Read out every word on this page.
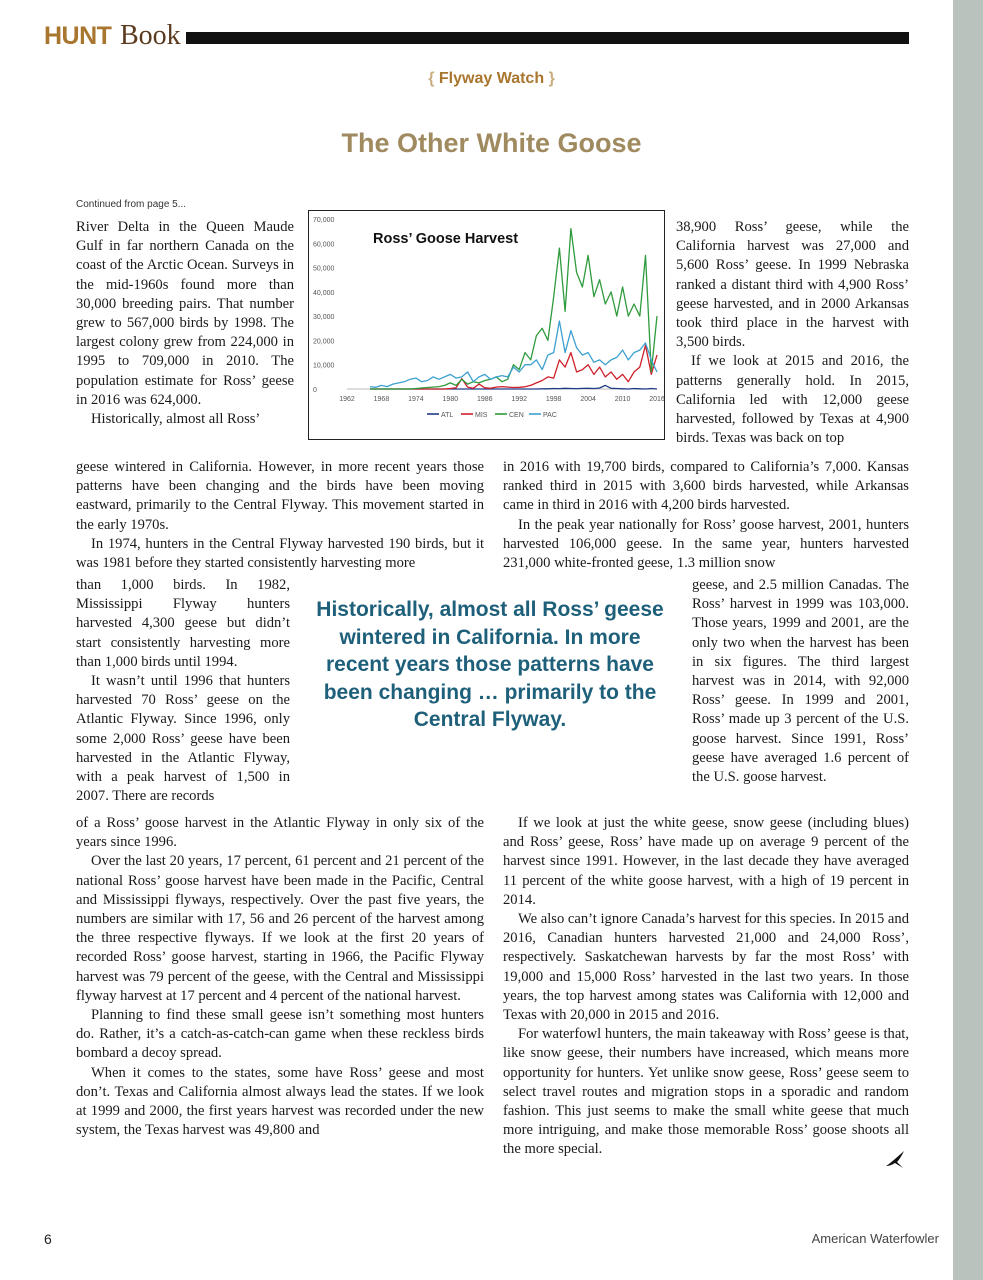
HUNT Book
{ Flyway Watch }
The Other White Goose
Continued from page 5...

River Delta in the Queen Maude Gulf in far northern Canada on the coast of the Arctic Ocean. Surveys in the mid-1960s found more than 30,000 breeding pairs. That number grew to 567,000 birds by 1998. The largest colony grew from 224,000 in 1995 to 709,000 in 2010. The population estimate for Ross’ geese in 2016 was 624,000.

Historically, almost all Ross’

Ross’ Goose Harvest
0
10,000
20,000
30,000
40,000
50,000
60,000
70,000
1962	1968	1974	1980	1986	1992	1998	2004	2010	2016
ATL	MIS	CEN	PAC

38,900 Ross’ geese, while the California harvest was 27,000 and 5,600 Ross’ geese. In 1999 Nebraska ranked a distant third with 4,900 Ross’ geese harvested, and in 2000 Arkansas took third place in the harvest with 3,500 birds.

If we look at 2015 and 2016, the patterns generally hold. In 2015, California led with 12,000 geese harvested, followed by Texas at 4,900 birds. Texas was back on top

geese wintered in California. However, in more recent years those patterns have been changing and the birds have been moving eastward, primarily to the Central Flyway. This movement started in the early 1970s.

In 1974, hunters in the Central Flyway harvested 190 birds, but it was 1981 before they started consistently harvesting more

in 2016 with 19,700 birds, compared to California’s 7,000. Kansas ranked third in 2015 with 3,600 birds harvested, while Arkansas came in third in 2016 with 4,200 birds harvested.

In the peak year nationally for Ross’ goose harvest, 2001, hunters harvested 106,000 geese. In the same year, hunters harvested 231,000 white-fronted geese, 1.3 million snow

than 1,000 birds. In 1982, Mississippi Flyway hunters harvested 4,300 geese but didn’t start consistently harvesting more than 1,000 birds until 1994.

It wasn’t until 1996 that hunters harvested 70 Ross’ geese on the Atlantic Flyway. Since 1996, only some 2,000 Ross’ geese have been harvested in the Atlantic Flyway, with a peak harvest of 1,500 in 2007. There are records

Historically, almost all Ross’ geese wintered in California. In more recent years those patterns have been changing … primarily to the Central Flyway.

geese, and 2.5 million Canadas. The Ross’ harvest in 1999 was 103,000. Those years, 1999 and 2001, are the only two when the harvest has been in six figures. The third largest harvest was in 2014, with 92,000 Ross’ geese. In 1999 and 2001, Ross’ made up 3 percent of the U.S. goose harvest. Since 1991, Ross’ geese have averaged 1.6 percent of the U.S. goose harvest.

of a Ross’ goose harvest in the Atlantic Flyway in only six of the years since 1996.

Over the last 20 years, 17 percent, 61 percent and 21 percent of the national Ross’ goose harvest have been made in the Pacific, Central and Mississippi flyways, respectively. Over the past five years, the numbers are similar with 17, 56 and 26 percent of the harvest among the three respective flyways. If we look at the first 20 years of recorded Ross’ goose harvest, starting in 1966, the Pacific Flyway harvest was 79 percent of the geese, with the Central and Mississippi flyway harvest at 17 percent and 4 percent of the national harvest.

Planning to find these small geese isn’t something most hunters do. Rather, it’s a catch-as-catch-can game when these reckless birds bombard a decoy spread.

When it comes to the states, some have Ross’ geese and most don’t. Texas and California almost always lead the states. If we look at 1999 and 2000, the first years harvest was recorded under the new system, the Texas harvest was 49,800 and

If we look at just the white geese, snow geese (including blues) and Ross’ geese, Ross’ have made up on average 9 percent of the harvest since 1991. However, in the last decade they have averaged 11 percent of the white goose harvest, with a high of 19 percent in 2014.

We also can’t ignore Canada’s harvest for this species. In 2015 and 2016, Canadian hunters harvested 21,000 and 24,000 Ross’, respectively. Saskatchewan harvests by far the most Ross’ with 19,000 and 15,000 Ross’ harvested in the last two years. In those years, the top harvest among states was California with 12,000 and Texas with 20,000 in 2015 and 2016.

For waterfowl hunters, the main takeaway with Ross’ geese is that, like snow geese, their numbers have increased, which means more opportunity for hunters. Yet unlike snow geese, Ross’ geese seem to select travel routes and migration stops in a sporadic and random fashion. This just seems to make the small white geese that much more intriguing, and make those memorable Ross’ goose shoots all the more special.

6	American Waterfowler
